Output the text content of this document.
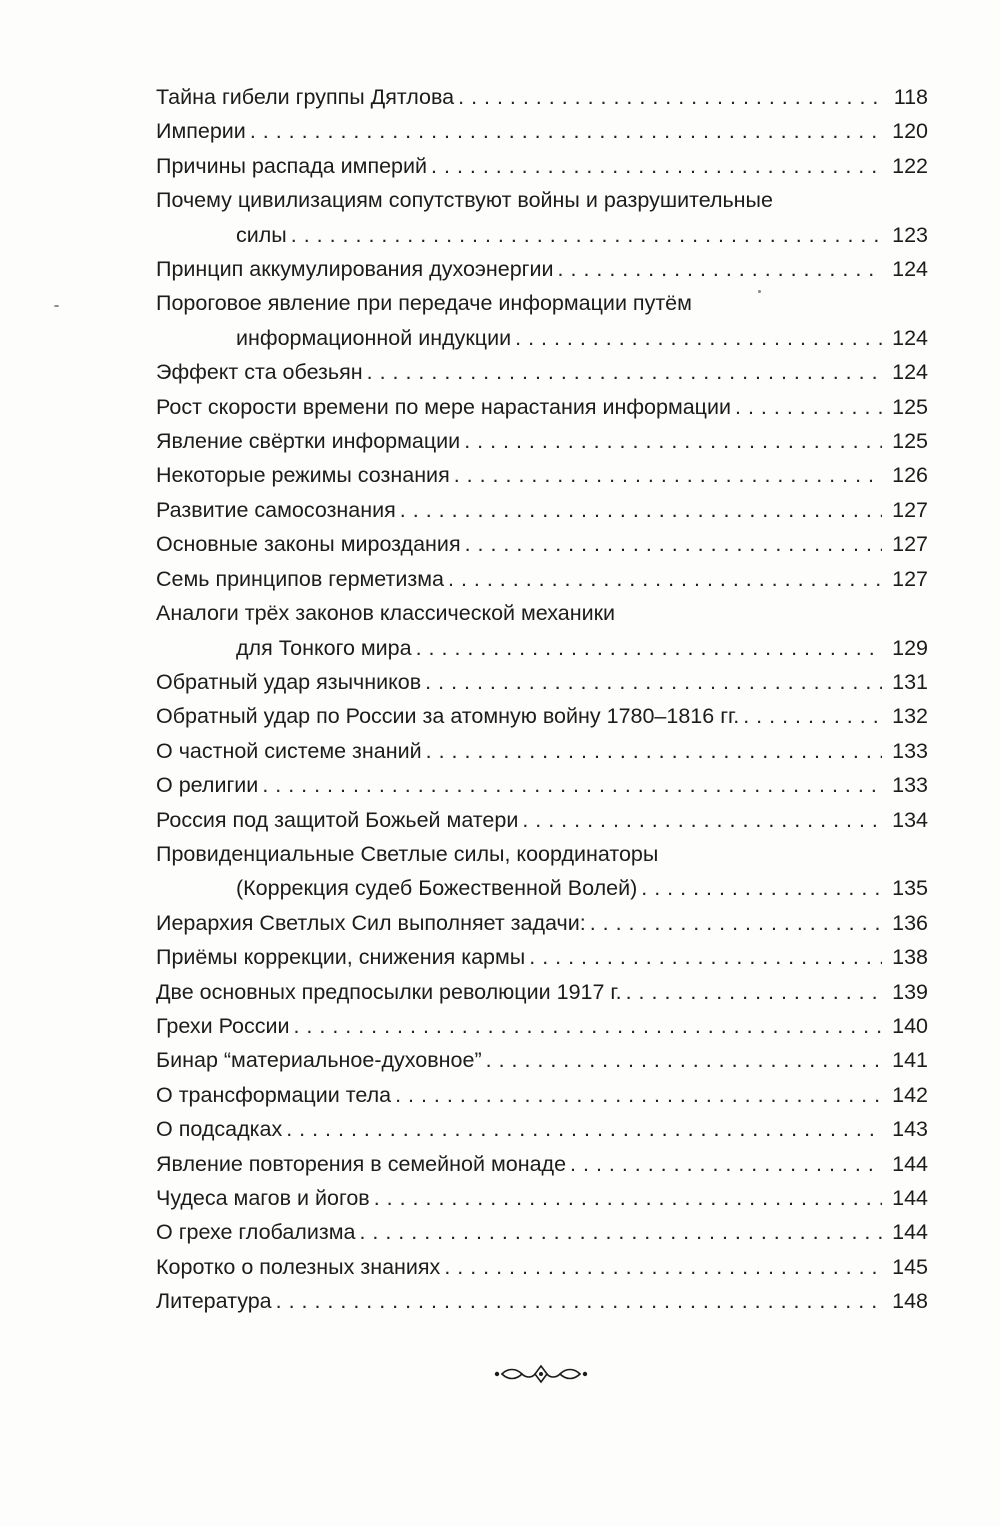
Тайна гибели группы Дятлова . . .	118
Империи . . .	120
Причины распада империй . . .	122
Почему цивилизациям сопутствуют войны и разрушительные
силы . . .	123
Принцип аккумулирования духоэнергии . . .	124
Пороговое явление при передаче информации путём
информационной индукции . . .	124
Эффект ста обезьян . . .	124
Рост скорости времени по мере нарастания информации . . .	125
Явление свёртки информации . . .	125
Некоторые режимы сознания . . .	126
Развитие самосознания . . .	127
Основные законы мироздания . . .	127
Семь принципов герметизма . . .	127
Аналоги трёх законов классической механики
для Тонкого мира . . .	129
Обратный удар язычников . . .	131
Обратный удар по России за атомную войну 1780–1816 гг. . . .	132
О частной системе знаний . . .	133
О религии . . .	133
Россия под защитой Божьей матери . . .	134
Провиденциальные Светлые силы, координаторы
(Коррекция судеб Божественной Волей) . . .	135
Иерархия Светлых Сил выполняет задачи: . . .	136
Приёмы коррекции, снижения кармы . . .	138
Две основных предпосылки революции 1917 г. . . .	139
Грехи России . . .	140
Бинар “материальное-духовное” . . .	141
О трансформации тела . . .	142
О подсадках . . .	143
Явление повторения в семейной монаде . . .	144
Чудеса магов и йогов . . .	144
О грехе глобализма . . .	144
Коротко о полезных знаниях . . .	145
Литература . . .	148
